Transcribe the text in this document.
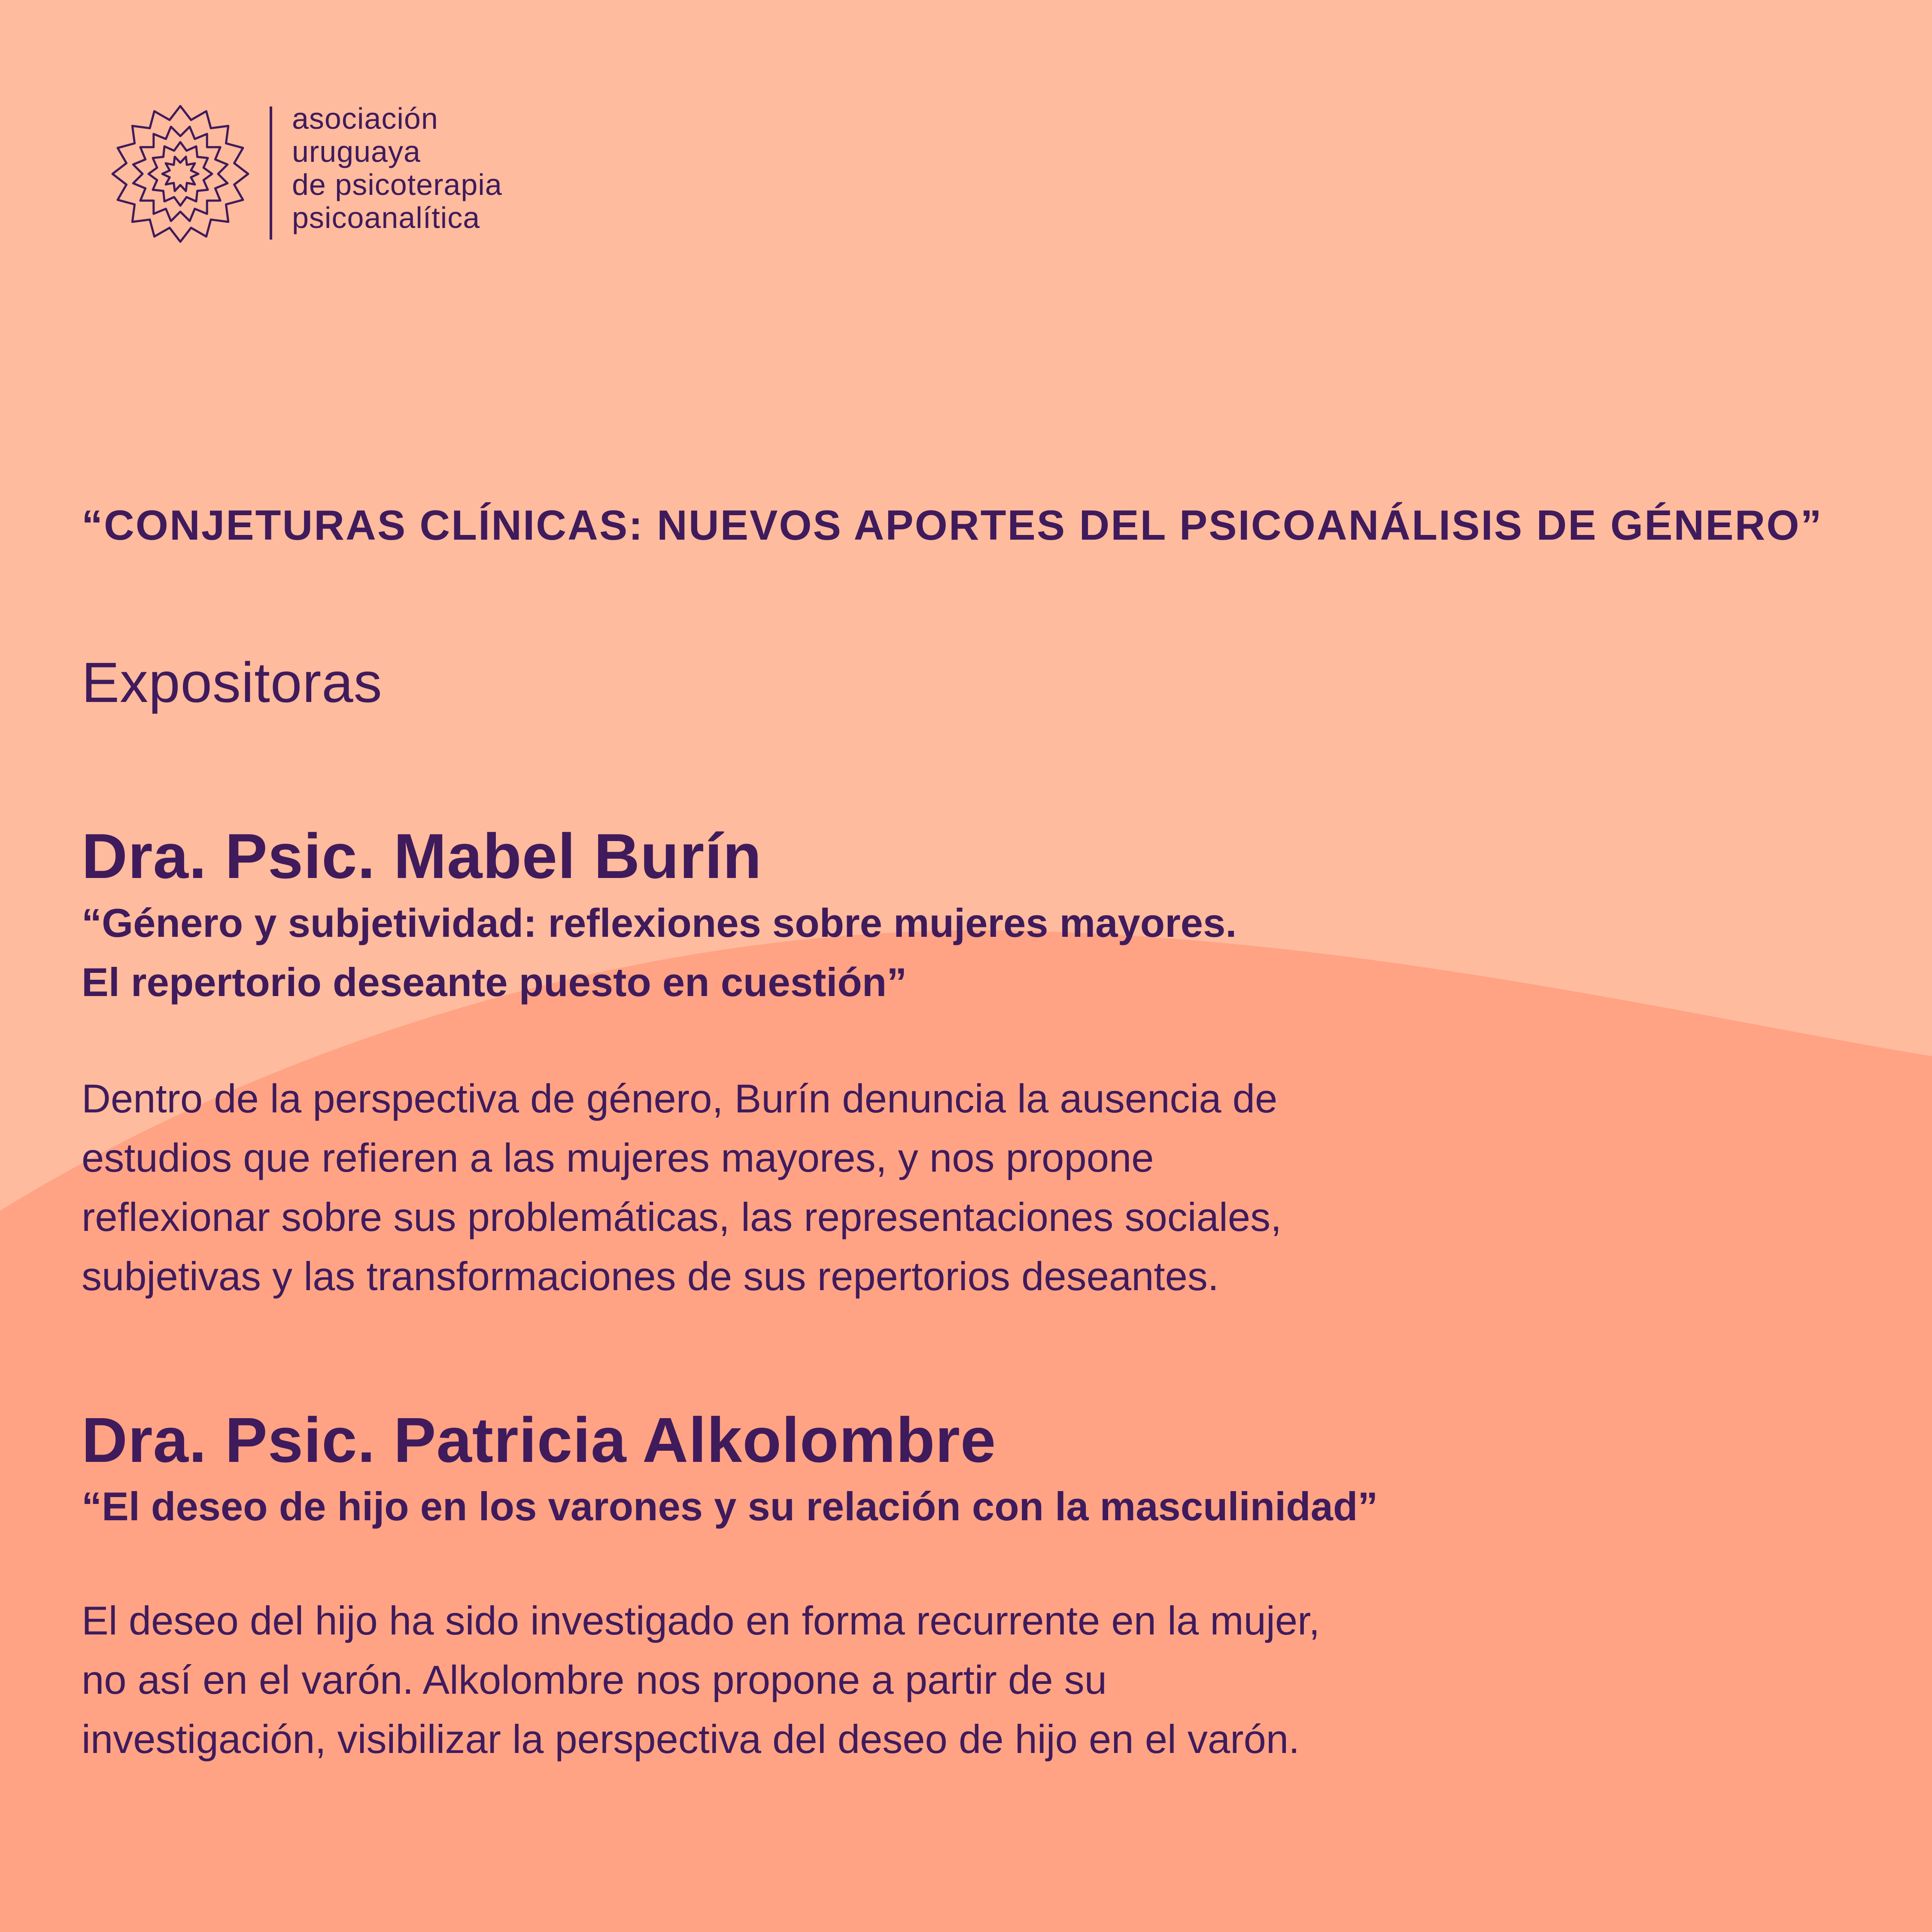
asociación
uruguaya
de psicoterapia
psicoanalítica
“CONJETURAS CLÍNICAS: NUEVOS APORTES DEL PSICOANÁLISIS DE GÉNERO”
Expositoras
Dra. Psic. Mabel Burín
“Género y subjetividad: reflexiones sobre mujeres mayores.
El repertorio deseante puesto en cuestión”
Dentro de la perspectiva de género, Burín denuncia la ausencia de
estudios que refieren a las mujeres mayores, y nos propone
reflexionar sobre sus problemáticas, las representaciones sociales,
subjetivas y las transformaciones de sus repertorios deseantes.
Dra. Psic. Patricia Alkolombre
“El deseo de hijo en los varones y su relación con la masculinidad”
El deseo del hijo ha sido investigado en forma recurrente en la mujer,
no así en el varón. Alkolombre nos propone a partir de su
investigación, visibilizar la perspectiva del deseo de hijo en el varón.
